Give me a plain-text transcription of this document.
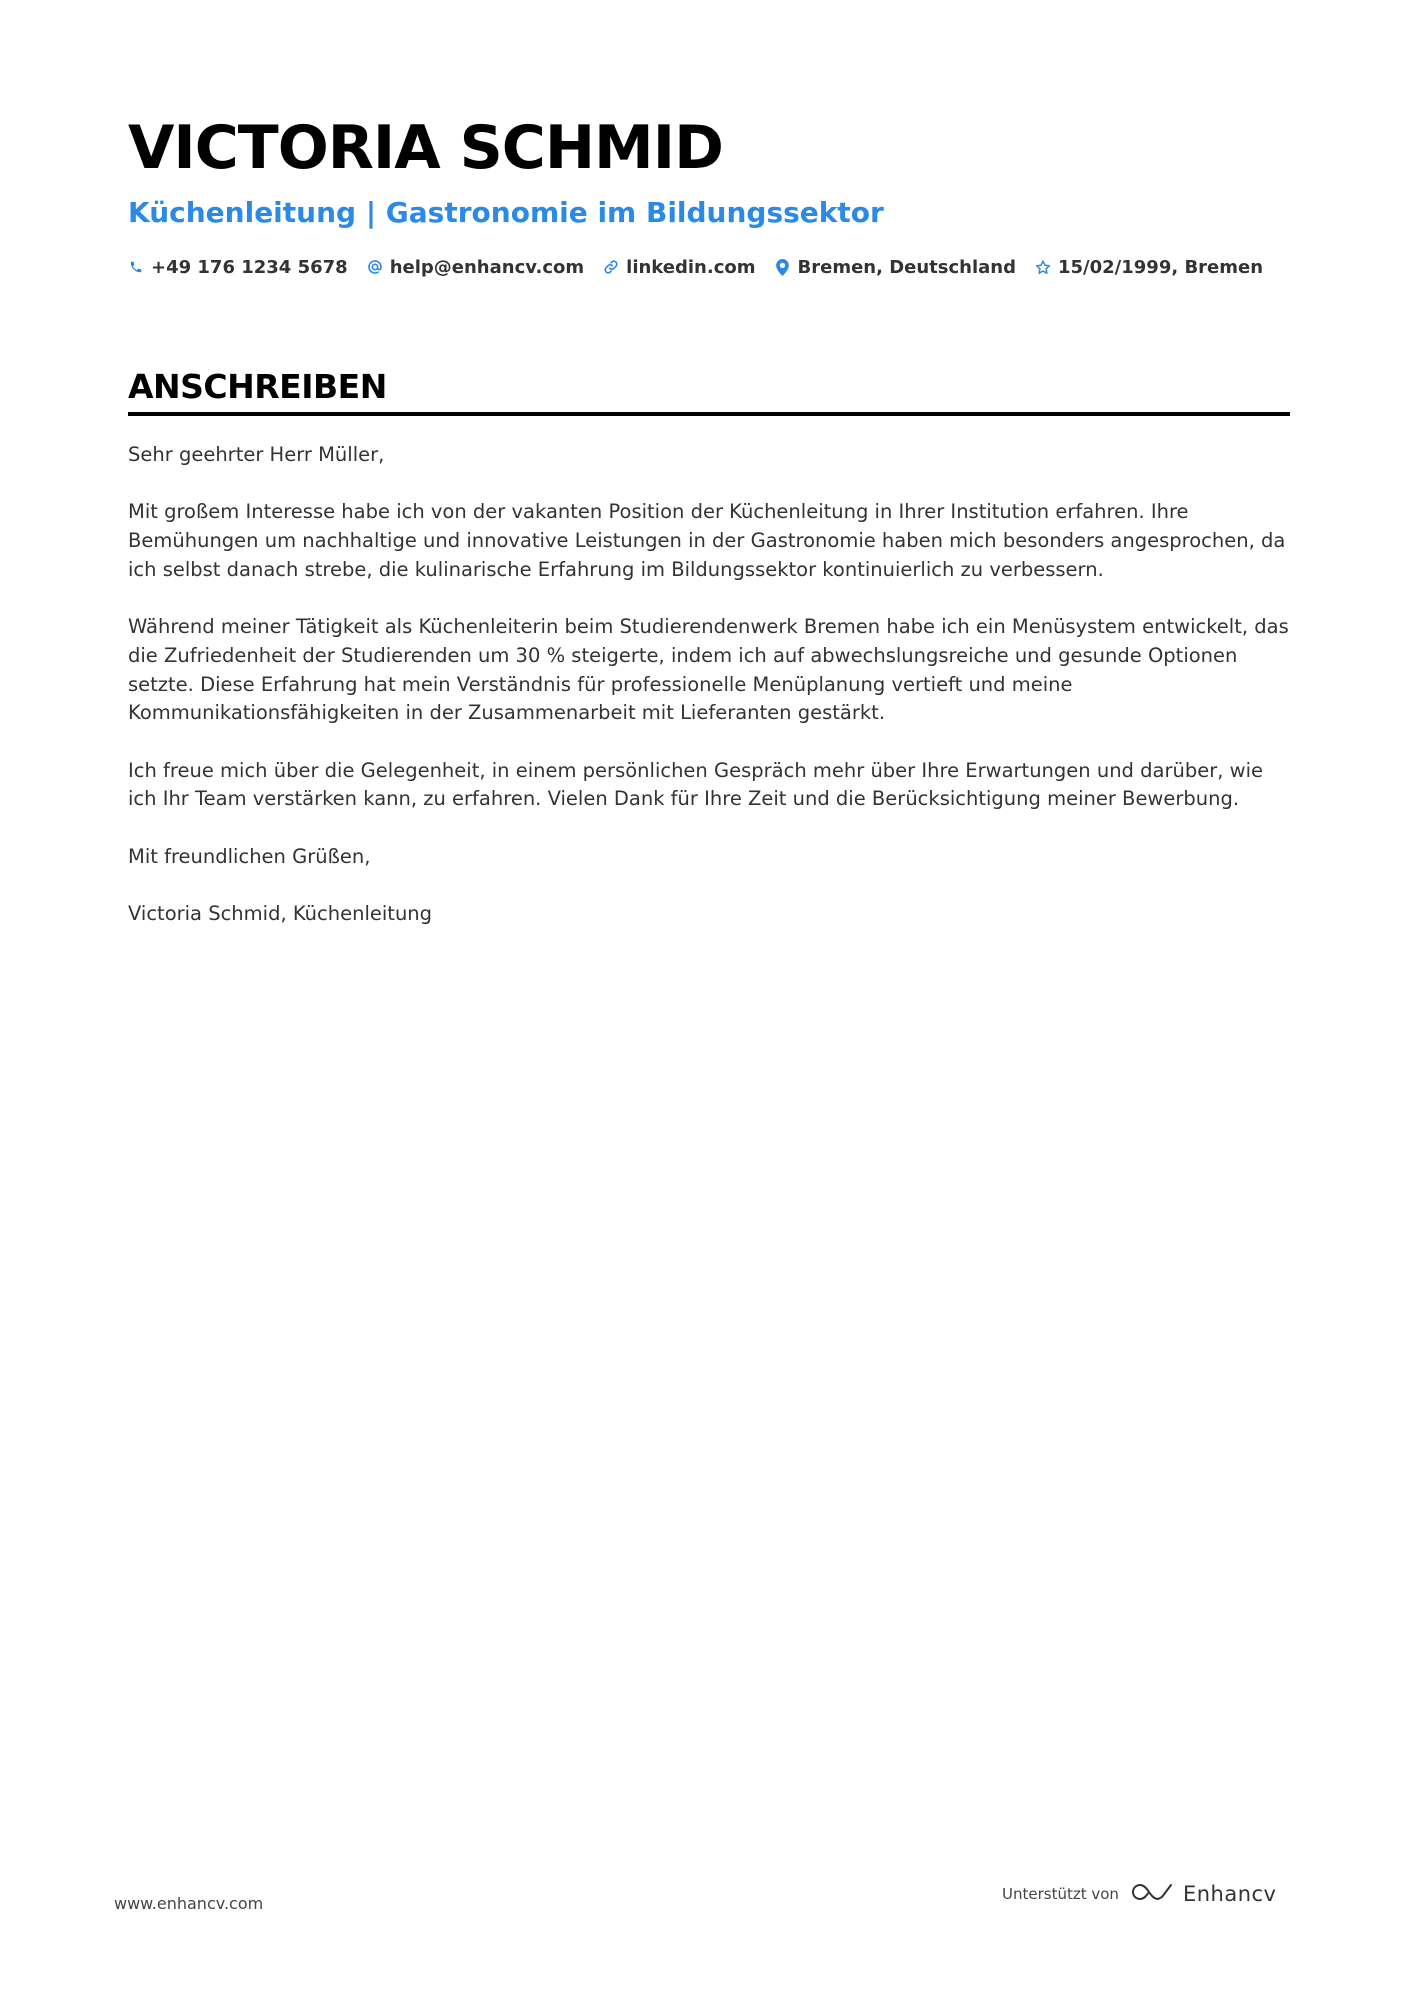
VICTORIA SCHMID
Küchenleitung | Gastronomie im Bildungssektor
+49 176 1234 5678 help@enhancv.com linkedin.com Bremen, Deutschland 15/02/1999, Bremen
ANSCHREIBEN

Sehr geehrter Herr Müller,

Mit großem Interesse habe ich von der vakanten Position der Küchenleitung in Ihrer Institution erfahren. Ihre Bemühungen um nachhaltige und innovative Leistungen in der Gastronomie haben mich besonders angesprochen, da ich selbst danach strebe, die kulinarische Erfahrung im Bildungssektor kontinuierlich zu verbessern.

Während meiner Tätigkeit als Küchenleiterin beim Studierendenwerk Bremen habe ich ein Menüsystem entwickelt, das die Zufriedenheit der Studierenden um 30 % steigerte, indem ich auf abwechslungsreiche und gesunde Optionen setzte. Diese Erfahrung hat mein Verständnis für professionelle Menüplanung vertieft und meine Kommunikationsfähigkeiten in der Zusammenarbeit mit Lieferanten gestärkt.

Ich freue mich über die Gelegenheit, in einem persönlichen Gespräch mehr über Ihre Erwartungen und darüber, wie ich Ihr Team verstärken kann, zu erfahren. Vielen Dank für Ihre Zeit und die Berücksichtigung meiner Bewerbung.

Mit freundlichen Grüßen,

Victoria Schmid, Küchenleitung

www.enhancv.com	Unterstützt von	Enhancv
